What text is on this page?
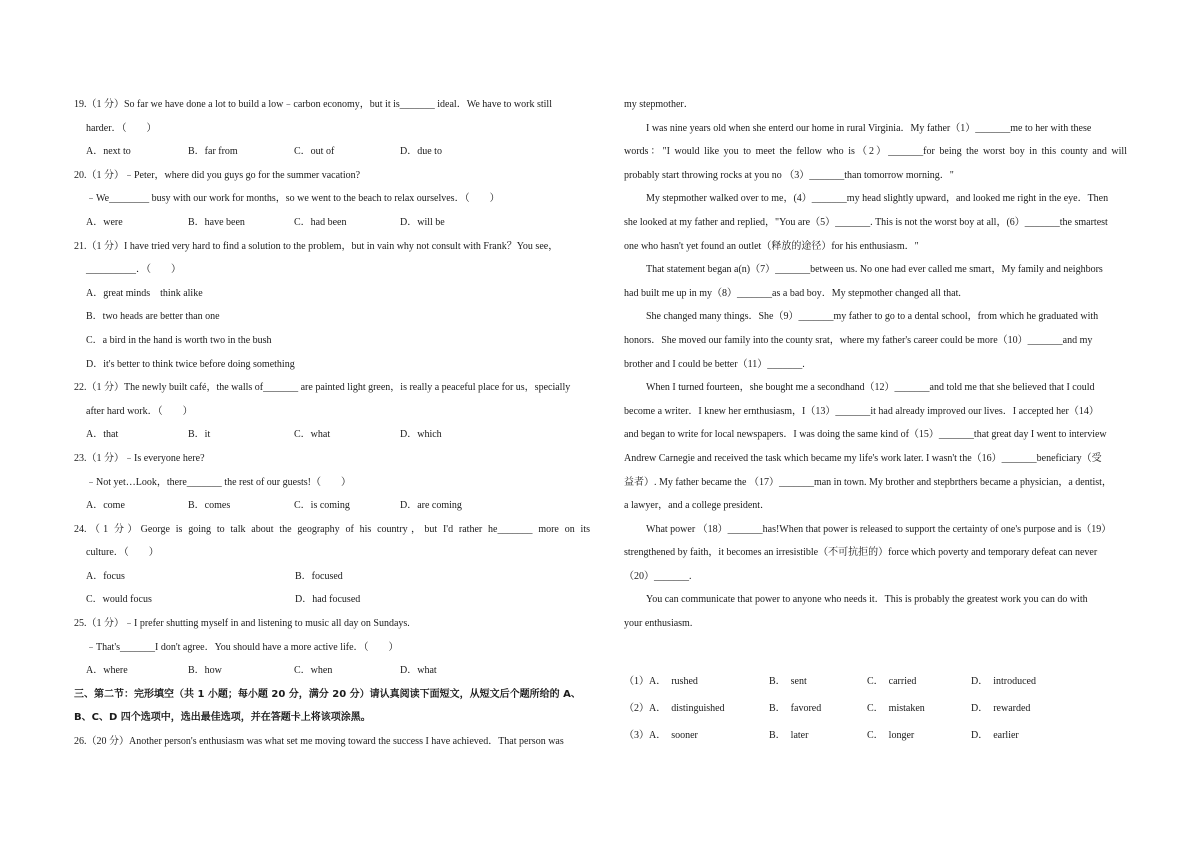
19.（1 分）So far we have done a lot to build a low﹣carbon economy，but it is_______ ideal．We have to work still

harder．（　　）

A．next to	B．far from	C．out of	D．due to

20.（1 分）﹣Peter，where did you guys go for the summer vacation?

﹣We________ busy with our work for months，so we went to the beach to relax ourselves．（　　）

A．were	B．have been	C．had been	D．will be

21.（1 分）I have tried very hard to find a solution to the problem，but in vain why not consult with Frank？You see，

__________．（　　）

A．great minds　think alike

B．two heads are better than one

C．a bird in the hand is worth two in the bush

D．it's better to think twice before doing something

22.（1 分）The newly built café，the walls of_______ are painted light green，is really a peaceful place for us，specially

after hard work．（　　）

A．that	B．it	C．what	D．which

23.（1 分）﹣Is everyone here?

﹣Not yet…Look，there_______ the rest of our guests!（　　）

A．come	B．comes	C．is coming	D．are coming

24.（1 分）George is going to talk about the geography of his country，but I'd rather he_______ more on its

culture．（　　）

A．focus	B．focused
C．would focus	D．had focused

25.（1 分）﹣I prefer shutting myself in and listening to music all day on Sundays.

﹣That's_______I don't agree．You should have a more active life．（　　）

A．where	B．how	C．when	D．what

三、第二节：完形填空（共 1 小题；每小题 20 分，满分 20 分）请认真阅读下面短文，从短文后个题所给的 A、

B、C、D 四个选项中，选出最佳选项，并在答题卡上将该项涂黑。

26.（20 分）Another person's enthusiasm was what set me moving toward the success I have achieved．That person was

my stepmother．

I was nine years old when she enterd our home in rural Virginia．My father（1）_______me to her with these

words："I would like you to meet the fellow who is（2）_______for being the worst boy in this county and will

probably start throwing rocks at you no （3）_______than tomorrow morning．"

My stepmother walked over to me，(4）_______my head slightly upward，and looked me right in the eye．Then

she looked at my father and replied，"You are（5）_______. This is not the worst boy at all，(6）_______the smartest

one who hasn't yet found an outlet（释放的途径）for his enthusiasm．"

That statement began a(n)（7）_______between us. No one had ever called me smart，My family and neighbors

had built me up in my（8）_______as a bad boy．My stepmother changed all that.

She changed many things．She（9）_______my father to go to a dental school，from which he graduated with

honors．She moved our family into the county srat，where my father's career could be more（10）_______and my

brother and I could be better（11）_______.

When I turned fourteen，she bought me a secondhand（12）_______and told me that she believed that I could

become a writer．I knew her ernthusiasm，I（13）_______it had already improved our lives．I accepted her（14）

and began to write for local newspapers．I was doing the same kind of（15）_______that great day I went to interview

Andrew Carnegie and received the task which became my life's work later. I wasn't the（16）_______beneficiary（受

益者）. My father became the （17）_______man in town. My brother and stepbrthers became a physician，a dentist，

a lawyer，and a college president．

What power （18）_______has!When that power is released to support the certainty of one's purpose and is（19）

strengthened by faith，it becomes an irresistible（不可抗拒的）force which poverty and temporary defeat can never

（20）_______.

You can communicate that power to anyone who needs it．This is probably the greatest work you can do with

your enthusiasm.

（1） A．　rushed	B．　sent	C．　carried	D．　introduced
（2） A．　distinguished	B．　favored	C．　mistaken	D．　rewarded
（3） A．　sooner	B．　later	C．　longer	D．　earlier
